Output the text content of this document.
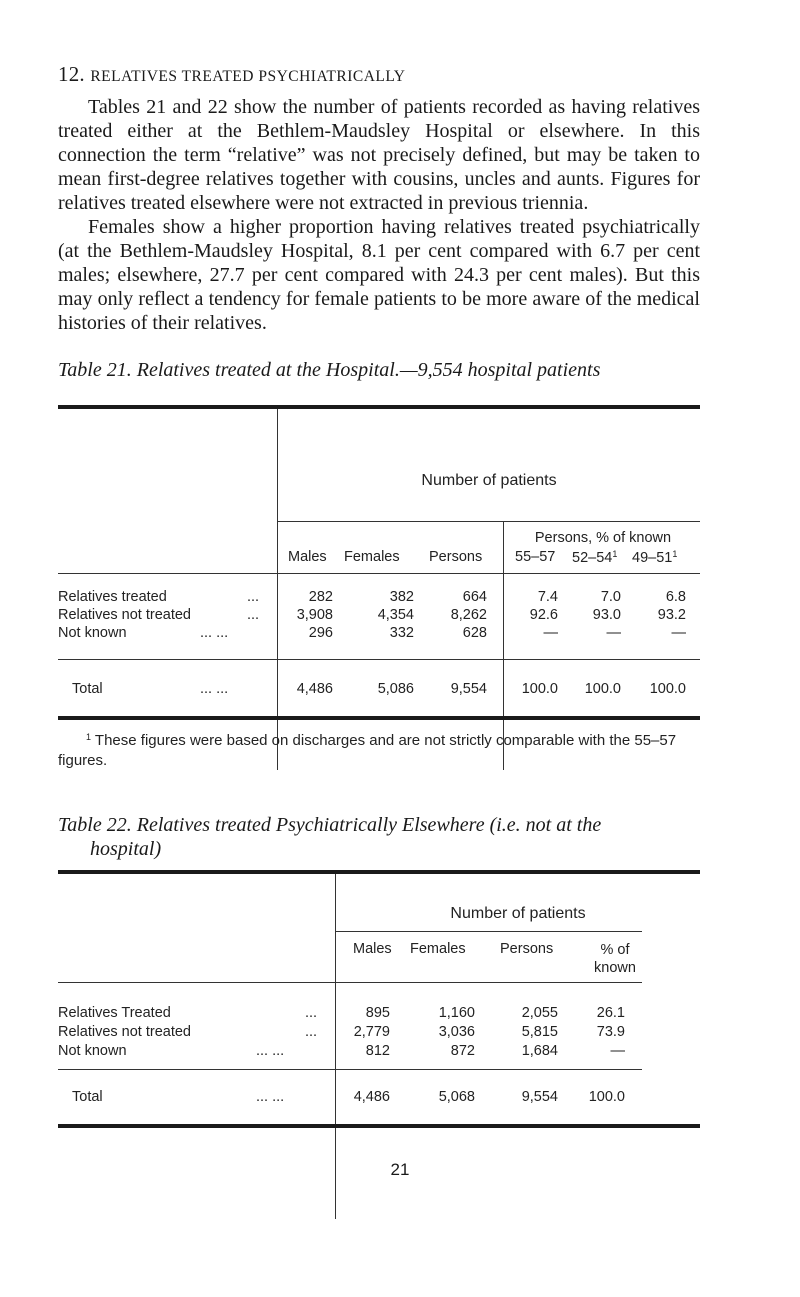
12. RELATIVES TREATED PSYCHIATRICALLY

Tables 21 and 22 show the number of patients recorded as having relatives treated either at the Bethlem-Maudsley Hospital or elsewhere. In this connection the term “relative” was not precisely defined, but may be taken to mean first-degree relatives together with cousins, uncles and aunts. Figures for relatives treated elsewhere were not extracted in previous triennia.

Females show a higher proportion having relatives treated psychiatrically (at the Bethlem-Maudsley Hospital, 8.1 per cent compared with 6.7 per cent males; elsewhere, 27.7 per cent compared with 24.3 per cent males). But this may only reflect a tendency for female patients to be more aware of the medical histories of their relatives.

Table 21. Relatives treated at the Hospital.—9,554 hospital patients
Number of patients
Persons, % of known
Males Females Persons 55–57 $52-54^1$ $49-51^1$
Relatives treated	...	282	382	664	7.4	7.0	6.8
Relatives not treated	...	3,908	4,354	8,262	92.6	93.0	93.2
Not known	... ...	296	332	628	—	—	—
Total	... ...	4,486	5,086	9,554	100.0	100.0	100.0
$^1$ These figures were based on discharges and are not strictly comparable with the 55–57 figures.
Table 22. Relatives treated Psychiatrically Elsewhere (i.e. not at the
hospital)
Number of patients
Males Females Persons	% of
known
Relatives Treated	...	895	1,160	2,055	26.1
Relatives not treated	...	2,779	3,036	5,815	73.9
Not known	... ...	812	872	1,684	—
Total	... ...	4,486	5,068	9,554	100.0
21
